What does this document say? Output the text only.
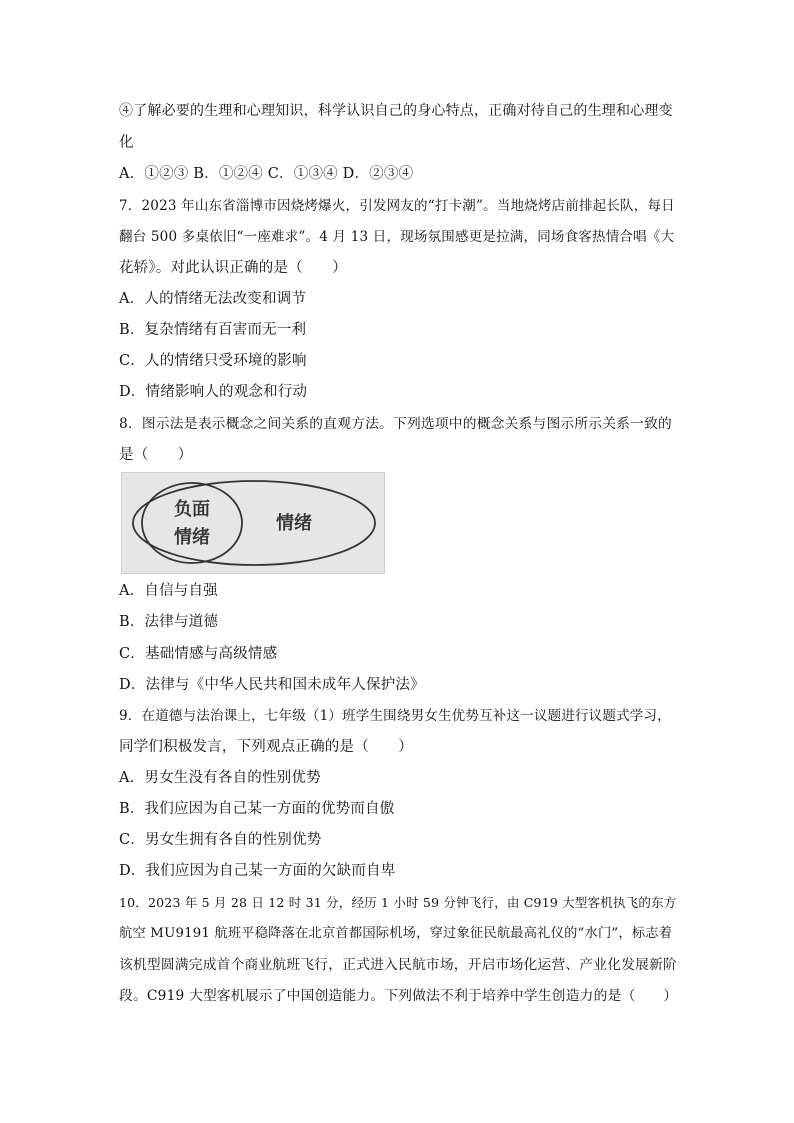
④了解必要的生理和心理知识，科学认识自己的身心特点，正确对待自己的生理和心理变
化
A．①②③ B．①②④ C．①③④ D．②③④
7．2023 年山东省淄博市因烧烤爆火，引发网友的“打卡潮”。当地烧烤店前排起长队，每日
翻台 500 多桌依旧“一座难求”。4 月 13 日，现场氛围感更是拉满，同场食客热情合唱《大
花轿》。对此认识正确的是（　　）
A．人的情绪无法改变和调节
B．复杂情绪有百害而无一利
C．人的情绪只受环境的影响
D．情绪影响人的观念和行动
8．图示法是表示概念之间关系的直观方法。下列选项中的概念关系与图示所示关系一致的
是（　　）
负面
情绪
情绪
A．自信与自强
B．法律与道德
C．基础情感与高级情感
D．法律与《中华人民共和国未成年人保护法》
9．在道德与法治课上，七年级（1）班学生围绕男女生优势互补这一议题进行议题式学习，
同学们积极发言，下列观点正确的是（　　）
A．男女生没有各自的性别优势
B．我们应因为自己某一方面的优势而自傲
C．男女生拥有各自的性别优势
D．我们应因为自己某一方面的欠缺而自卑
10．2023 年 5 月 28 日 12 时 31 分，经历 1 小时 59 分钟飞行，由 C919 大型客机执飞的东方
航空 MU9191 航班平稳降落在北京首都国际机场，穿过象征民航最高礼仪的“水门”，标志着
该机型圆满完成首个商业航班飞行，正式进入民航市场，开启市场化运营、产业化发展新阶
段。C919 大型客机展示了中国创造能力。下列做法不利于培养中学生创造力的是（　　）
